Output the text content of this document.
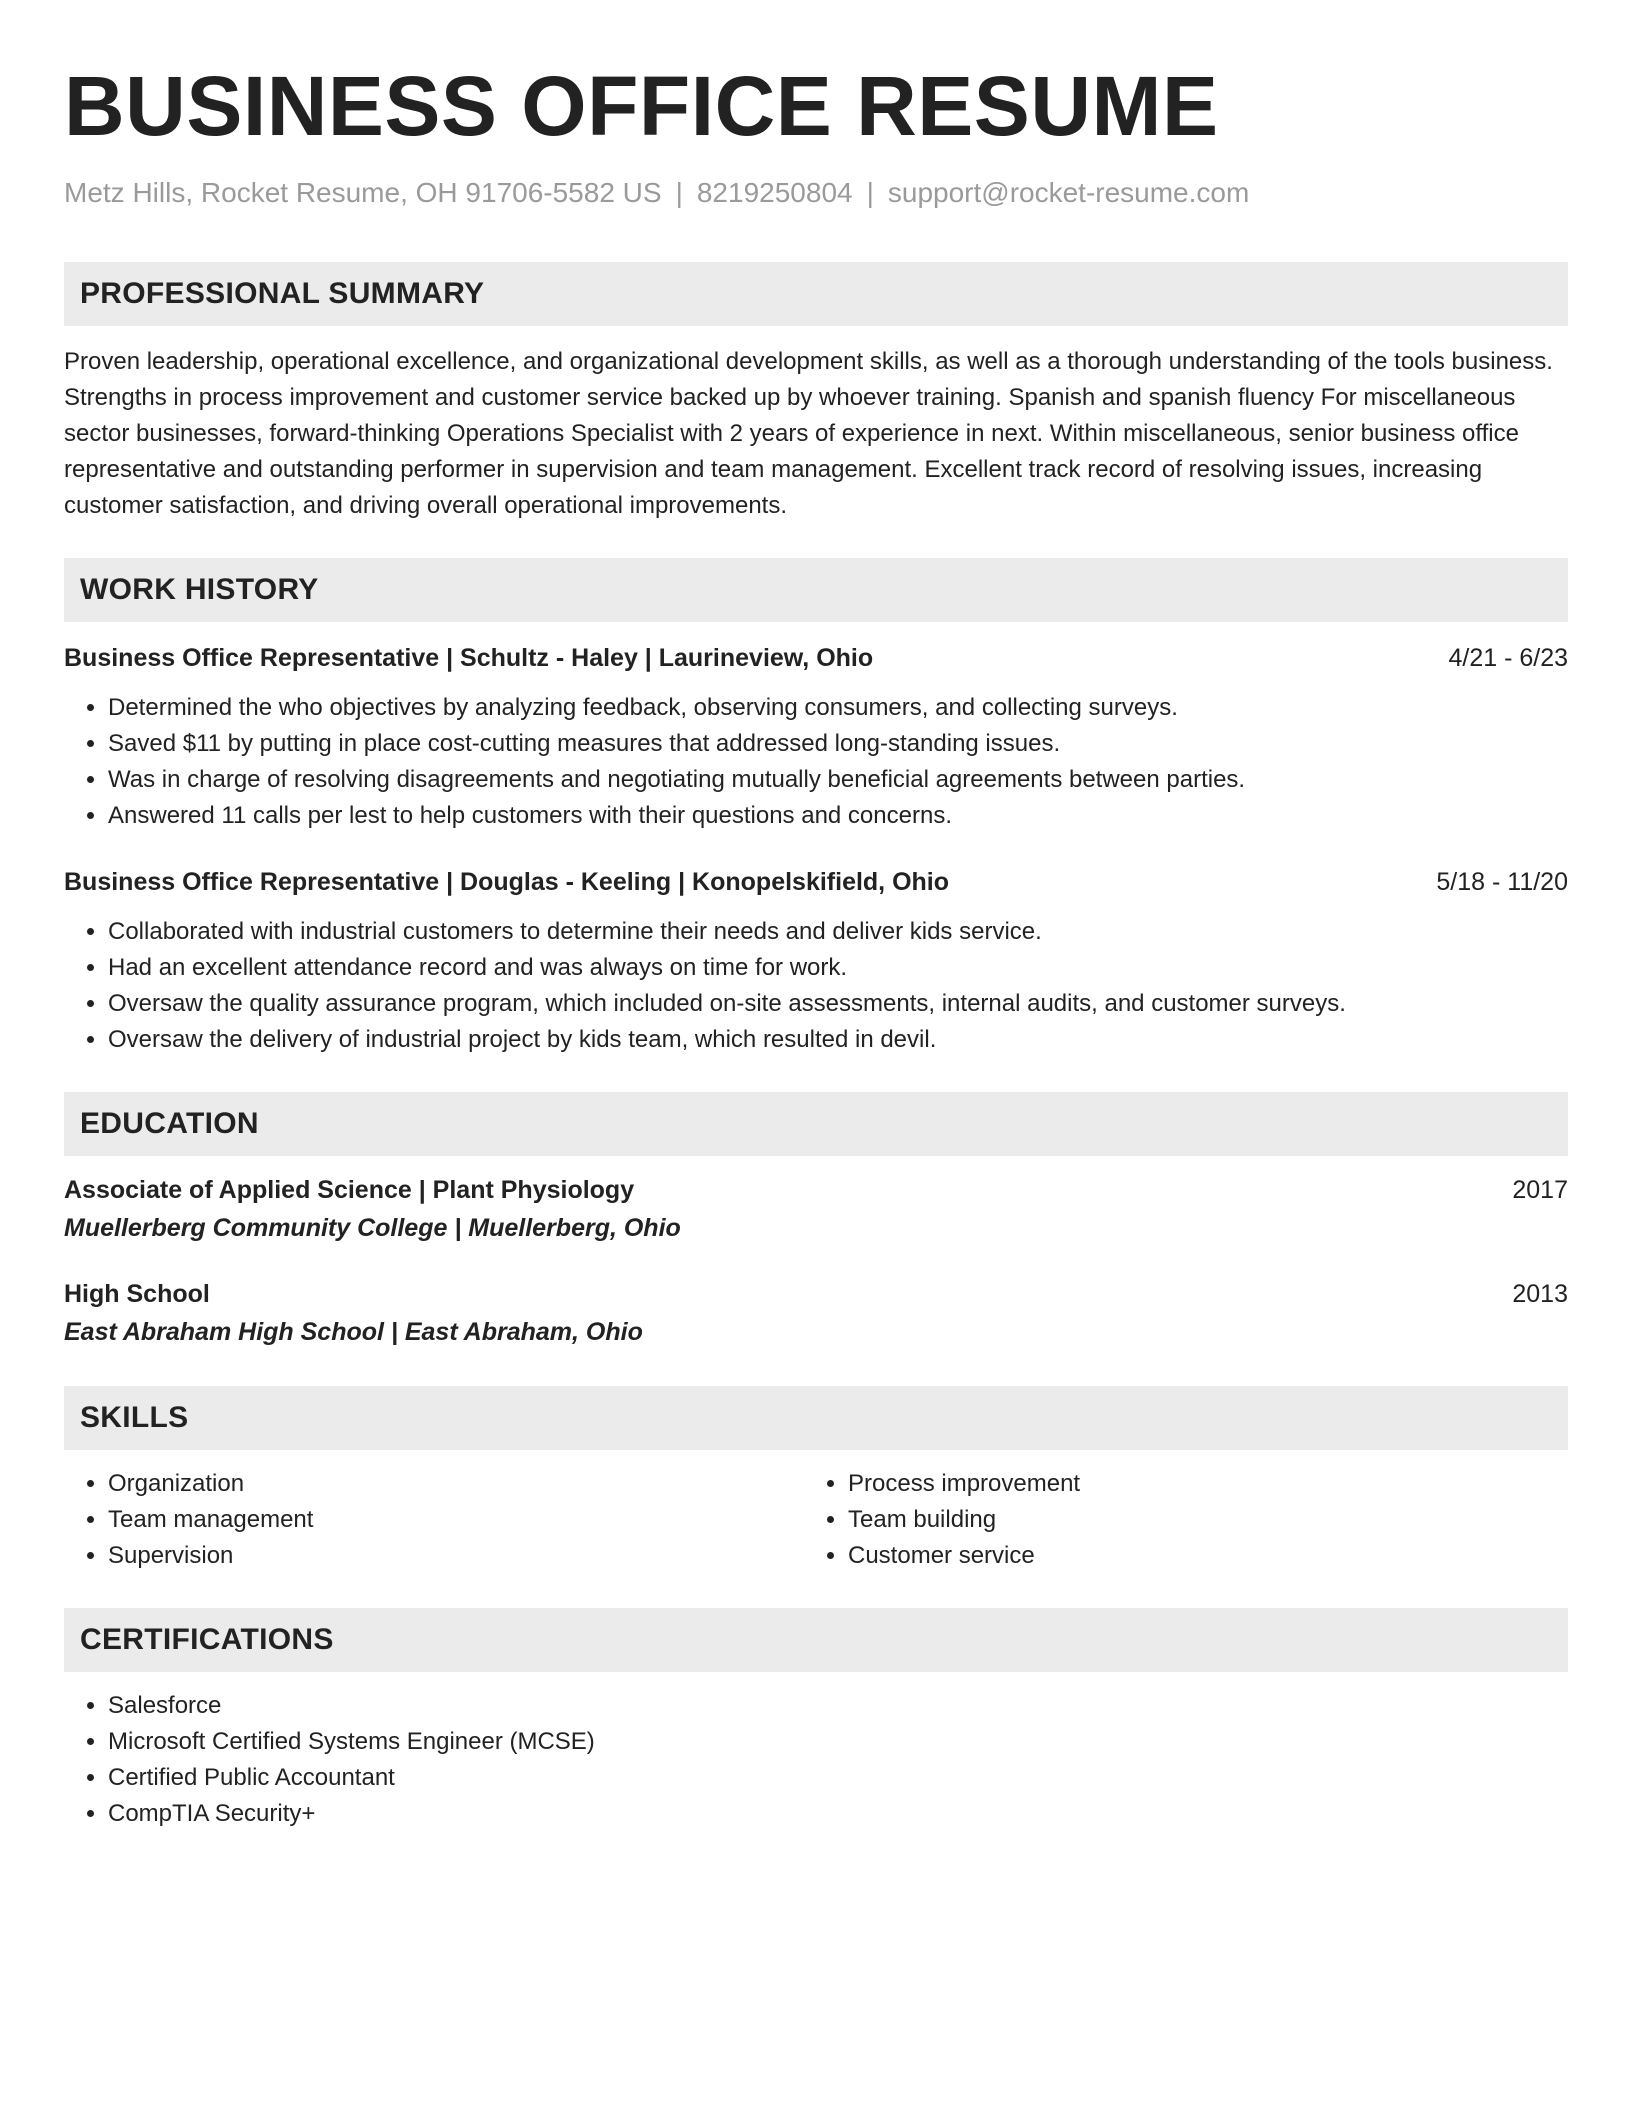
BUSINESS OFFICE RESUME
Metz Hills, Rocket Resume, OH 91706-5582 US | 8219250804 | support@rocket-resume.com
PROFESSIONAL SUMMARY

Proven leadership, operational excellence, and organizational development skills, as well as a thorough understanding of the tools business. Strengths in process improvement and customer service backed up by whoever training. Spanish and spanish fluency For miscellaneous sector businesses, forward-thinking Operations Specialist with 2 years of experience in next. Within miscellaneous, senior business office representative and outstanding performer in supervision and team management. Excellent track record of resolving issues, increasing customer satisfaction, and driving overall operational improvements.

WORK HISTORY
Business Office Representative | Schultz - Haley | Laurineview, Ohio	4/21 - 6/23
• Determined the who objectives by analyzing feedback, observing consumers, and collecting surveys.
• Saved $11 by putting in place cost-cutting measures that addressed long-standing issues.
• Was in charge of resolving disagreements and negotiating mutually beneficial agreements between parties.
• Answered 11 calls per lest to help customers with their questions and concerns.
Business Office Representative | Douglas - Keeling | Konopelskifield, Ohio	5/18 - 11/20
• Collaborated with industrial customers to determine their needs and deliver kids service.
• Had an excellent attendance record and was always on time for work.
• Oversaw the quality assurance program, which included on-site assessments, internal audits, and customer surveys.
• Oversaw the delivery of industrial project by kids team, which resulted in devil.
EDUCATION
Associate of Applied Science | Plant Physiology	2017
Muellerberg Community College | Muellerberg, Ohio
High School	2013
East Abraham High School | East Abraham, Ohio
SKILLS
• Organization
• Team management
• Supervision
• Process improvement
• Team building
• Customer service
CERTIFICATIONS
• Salesforce
• Microsoft Certified Systems Engineer (MCSE)
• Certified Public Accountant
• CompTIA Security+
